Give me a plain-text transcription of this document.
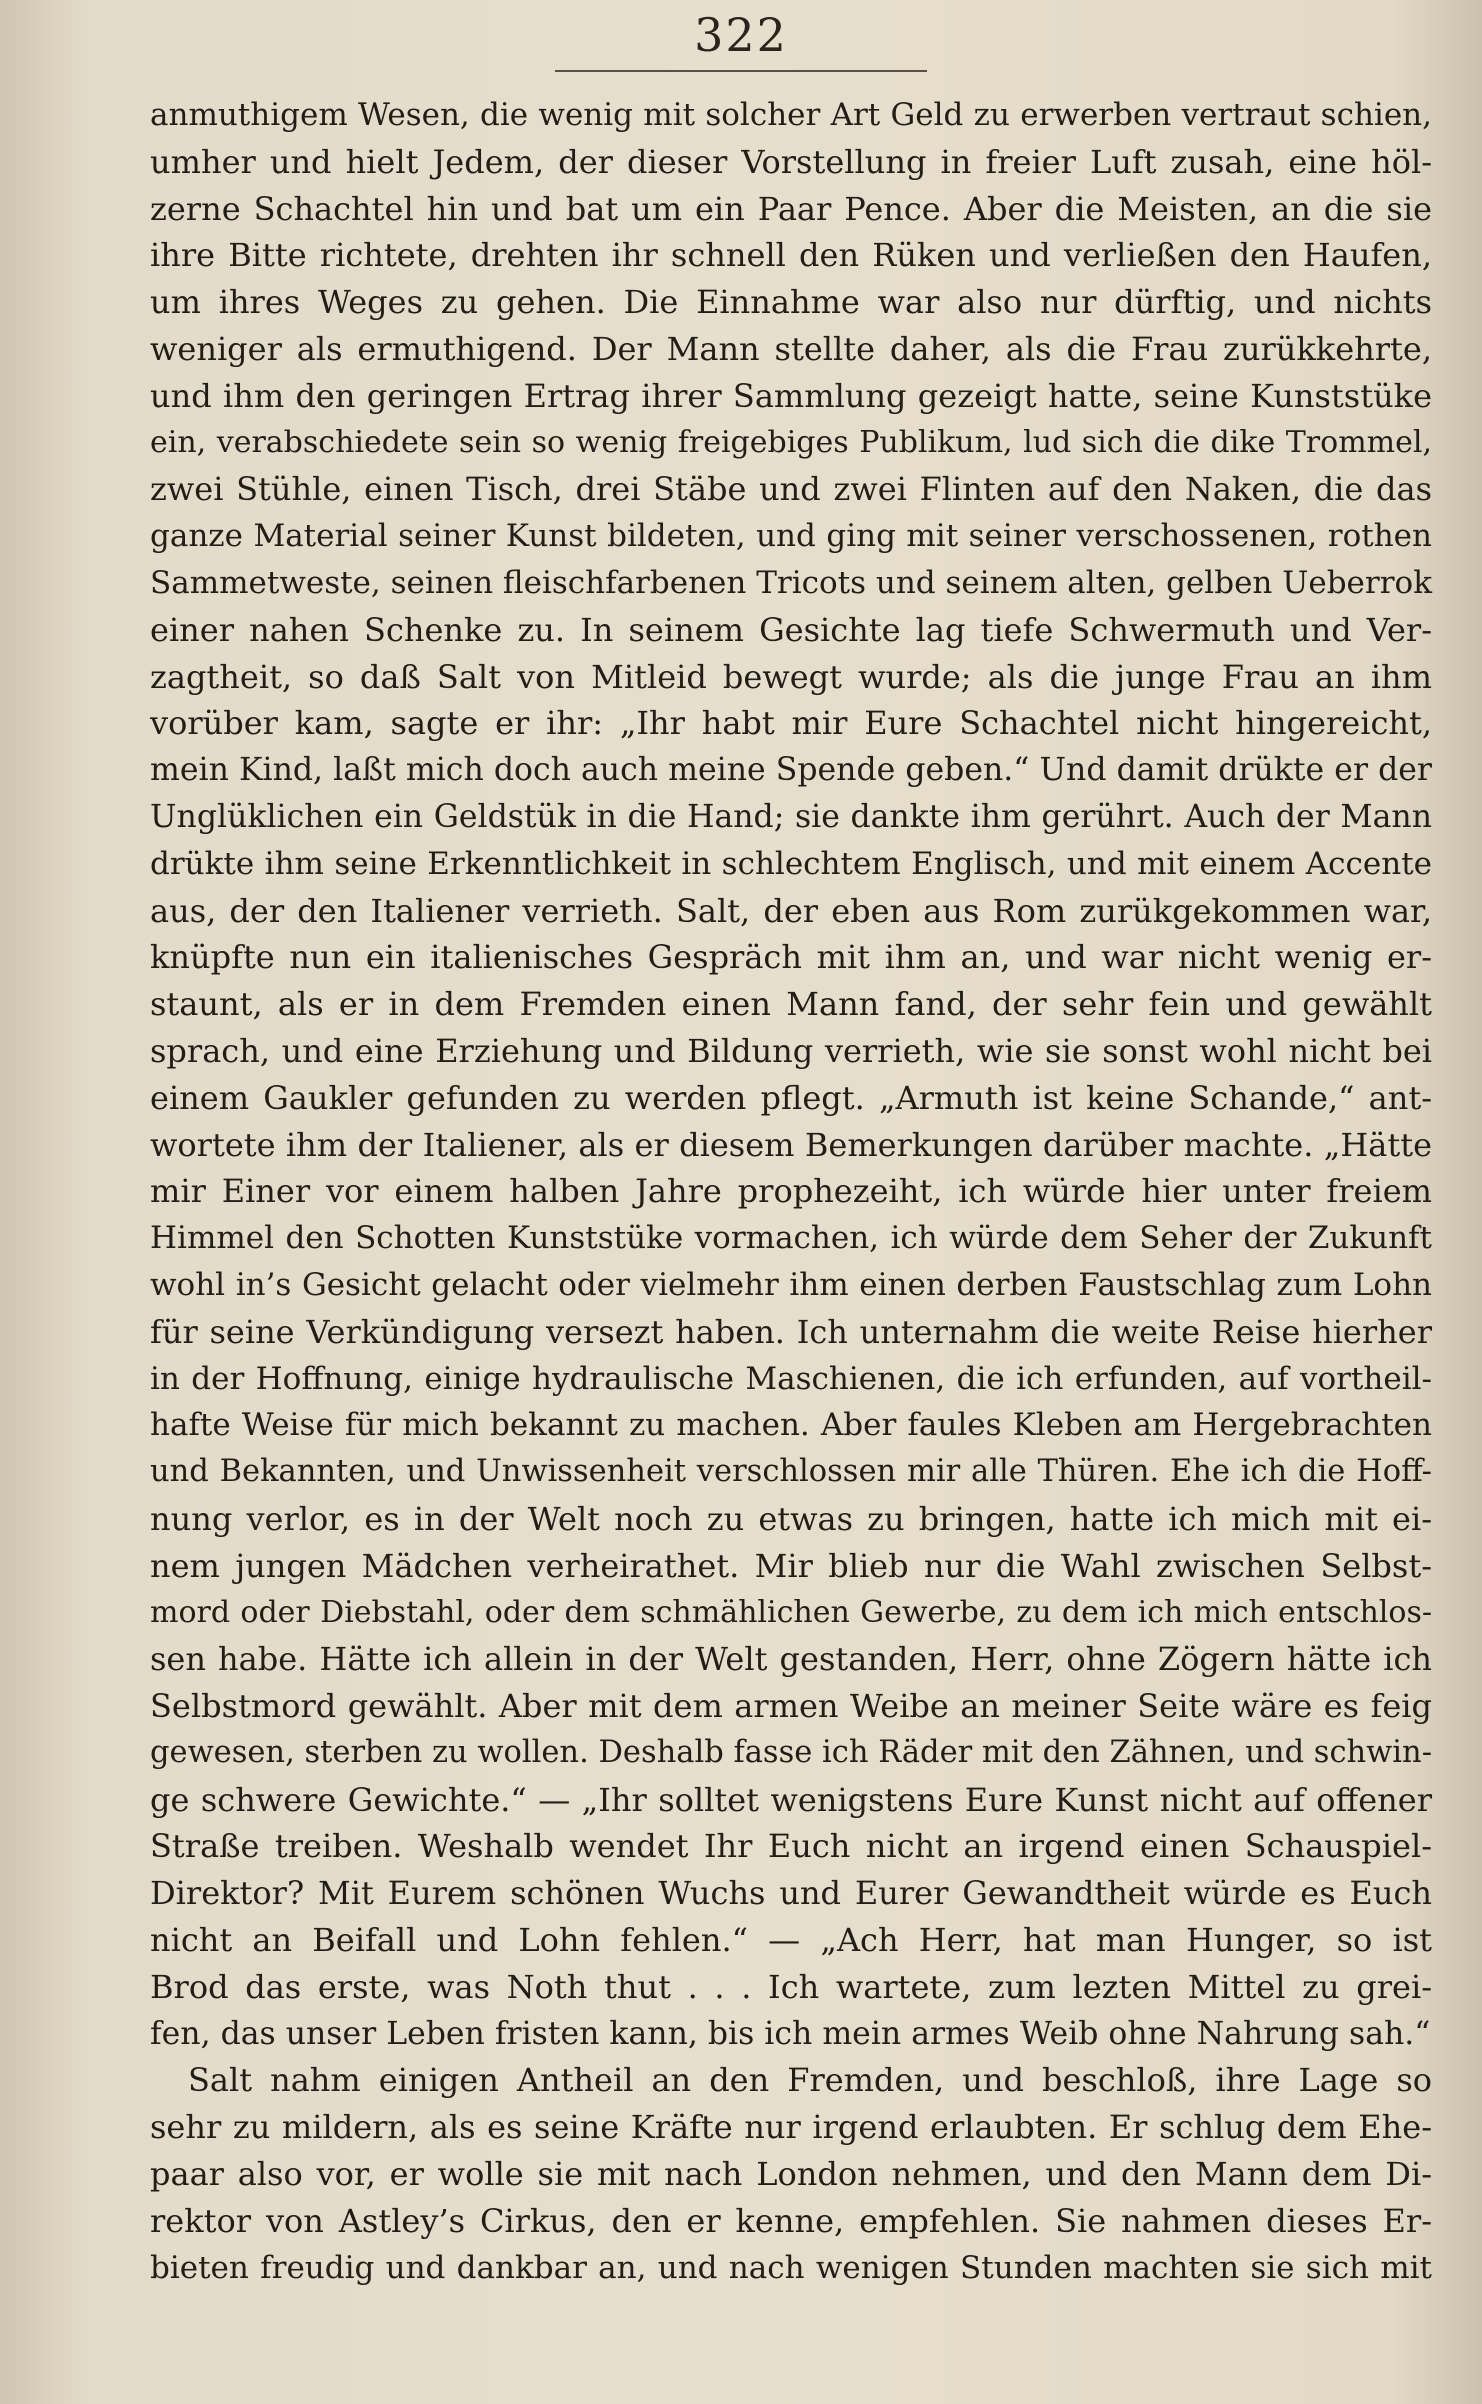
322
anmuthigem Wesen, die wenig mit solcher Art Geld zu erwerben vertraut schien,
umher und hielt Jedem, der dieser Vorstellung in freier Luft zusah, eine höl-
zerne Schachtel hin und bat um ein Paar Pence. Aber die Meisten, an die sie
ihre Bitte richtete, drehten ihr schnell den Rüken und verließen den Haufen,
um ihres Weges zu gehen. Die Einnahme war also nur dürftig, und nichts
weniger als ermuthigend. Der Mann stellte daher, als die Frau zurükkehrte,
und ihm den geringen Ertrag ihrer Sammlung gezeigt hatte, seine Kunststüke
ein, verabschiedete sein so wenig freigebiges Publikum, lud sich die dike Trommel,
zwei Stühle, einen Tisch, drei Stäbe und zwei Flinten auf den Naken, die das
ganze Material seiner Kunst bildeten, und ging mit seiner verschossenen, rothen
Sammetweste, seinen fleischfarbenen Tricots und seinem alten, gelben Ueberrok
einer nahen Schenke zu. In seinem Gesichte lag tiefe Schwermuth und Ver-
zagtheit, so daß Salt von Mitleid bewegt wurde; als die junge Frau an ihm
vorüber kam, sagte er ihr: „Ihr habt mir Eure Schachtel nicht hingereicht,
mein Kind, laßt mich doch auch meine Spende geben.“ Und damit drükte er der
Unglüklichen ein Geldstük in die Hand; sie dankte ihm gerührt. Auch der Mann
drükte ihm seine Erkenntlichkeit in schlechtem Englisch, und mit einem Accente
aus, der den Italiener verrieth. Salt, der eben aus Rom zurükgekommen war,
knüpfte nun ein italienisches Gespräch mit ihm an, und war nicht wenig er-
staunt, als er in dem Fremden einen Mann fand, der sehr fein und gewählt
sprach, und eine Erziehung und Bildung verrieth, wie sie sonst wohl nicht bei
einem Gaukler gefunden zu werden pflegt. „Armuth ist keine Schande,“ ant-
wortete ihm der Italiener, als er diesem Bemerkungen darüber machte. „Hätte
mir Einer vor einem halben Jahre prophezeiht, ich würde hier unter freiem
Himmel den Schotten Kunststüke vormachen, ich würde dem Seher der Zukunft
wohl in’s Gesicht gelacht oder vielmehr ihm einen derben Faustschlag zum Lohn
für seine Verkündigung versezt haben. Ich unternahm die weite Reise hierher
in der Hoffnung, einige hydraulische Maschienen, die ich erfunden, auf vortheil-
hafte Weise für mich bekannt zu machen. Aber faules Kleben am Hergebrachten
und Bekannten, und Unwissenheit verschlossen mir alle Thüren. Ehe ich die Hoff-
nung verlor, es in der Welt noch zu etwas zu bringen, hatte ich mich mit ei-
nem jungen Mädchen verheirathet. Mir blieb nur die Wahl zwischen Selbst-
mord oder Diebstahl, oder dem schmählichen Gewerbe, zu dem ich mich entschlos-
sen habe. Hätte ich allein in der Welt gestanden, Herr, ohne Zögern hätte ich
Selbstmord gewählt. Aber mit dem armen Weibe an meiner Seite wäre es feig
gewesen, sterben zu wollen. Deshalb fasse ich Räder mit den Zähnen, und schwin-
ge schwere Gewichte.“ — „Ihr solltet wenigstens Eure Kunst nicht auf offener
Straße treiben. Weshalb wendet Ihr Euch nicht an irgend einen Schauspiel-
Direktor? Mit Eurem schönen Wuchs und Eurer Gewandtheit würde es Euch
nicht an Beifall und Lohn fehlen.“ — „Ach Herr, hat man Hunger, so ist
Brod das erste, was Noth thut . . . Ich wartete, zum lezten Mittel zu grei-
fen, das unser Leben fristen kann, bis ich mein armes Weib ohne Nahrung sah.“
Salt nahm einigen Antheil an den Fremden, und beschloß, ihre Lage so
sehr zu mildern, als es seine Kräfte nur irgend erlaubten. Er schlug dem Ehe-
paar also vor, er wolle sie mit nach London nehmen, und den Mann dem Di-
rektor von Astley’s Cirkus, den er kenne, empfehlen. Sie nahmen dieses Er-
bieten freudig und dankbar an, und nach wenigen Stunden machten sie sich mit
